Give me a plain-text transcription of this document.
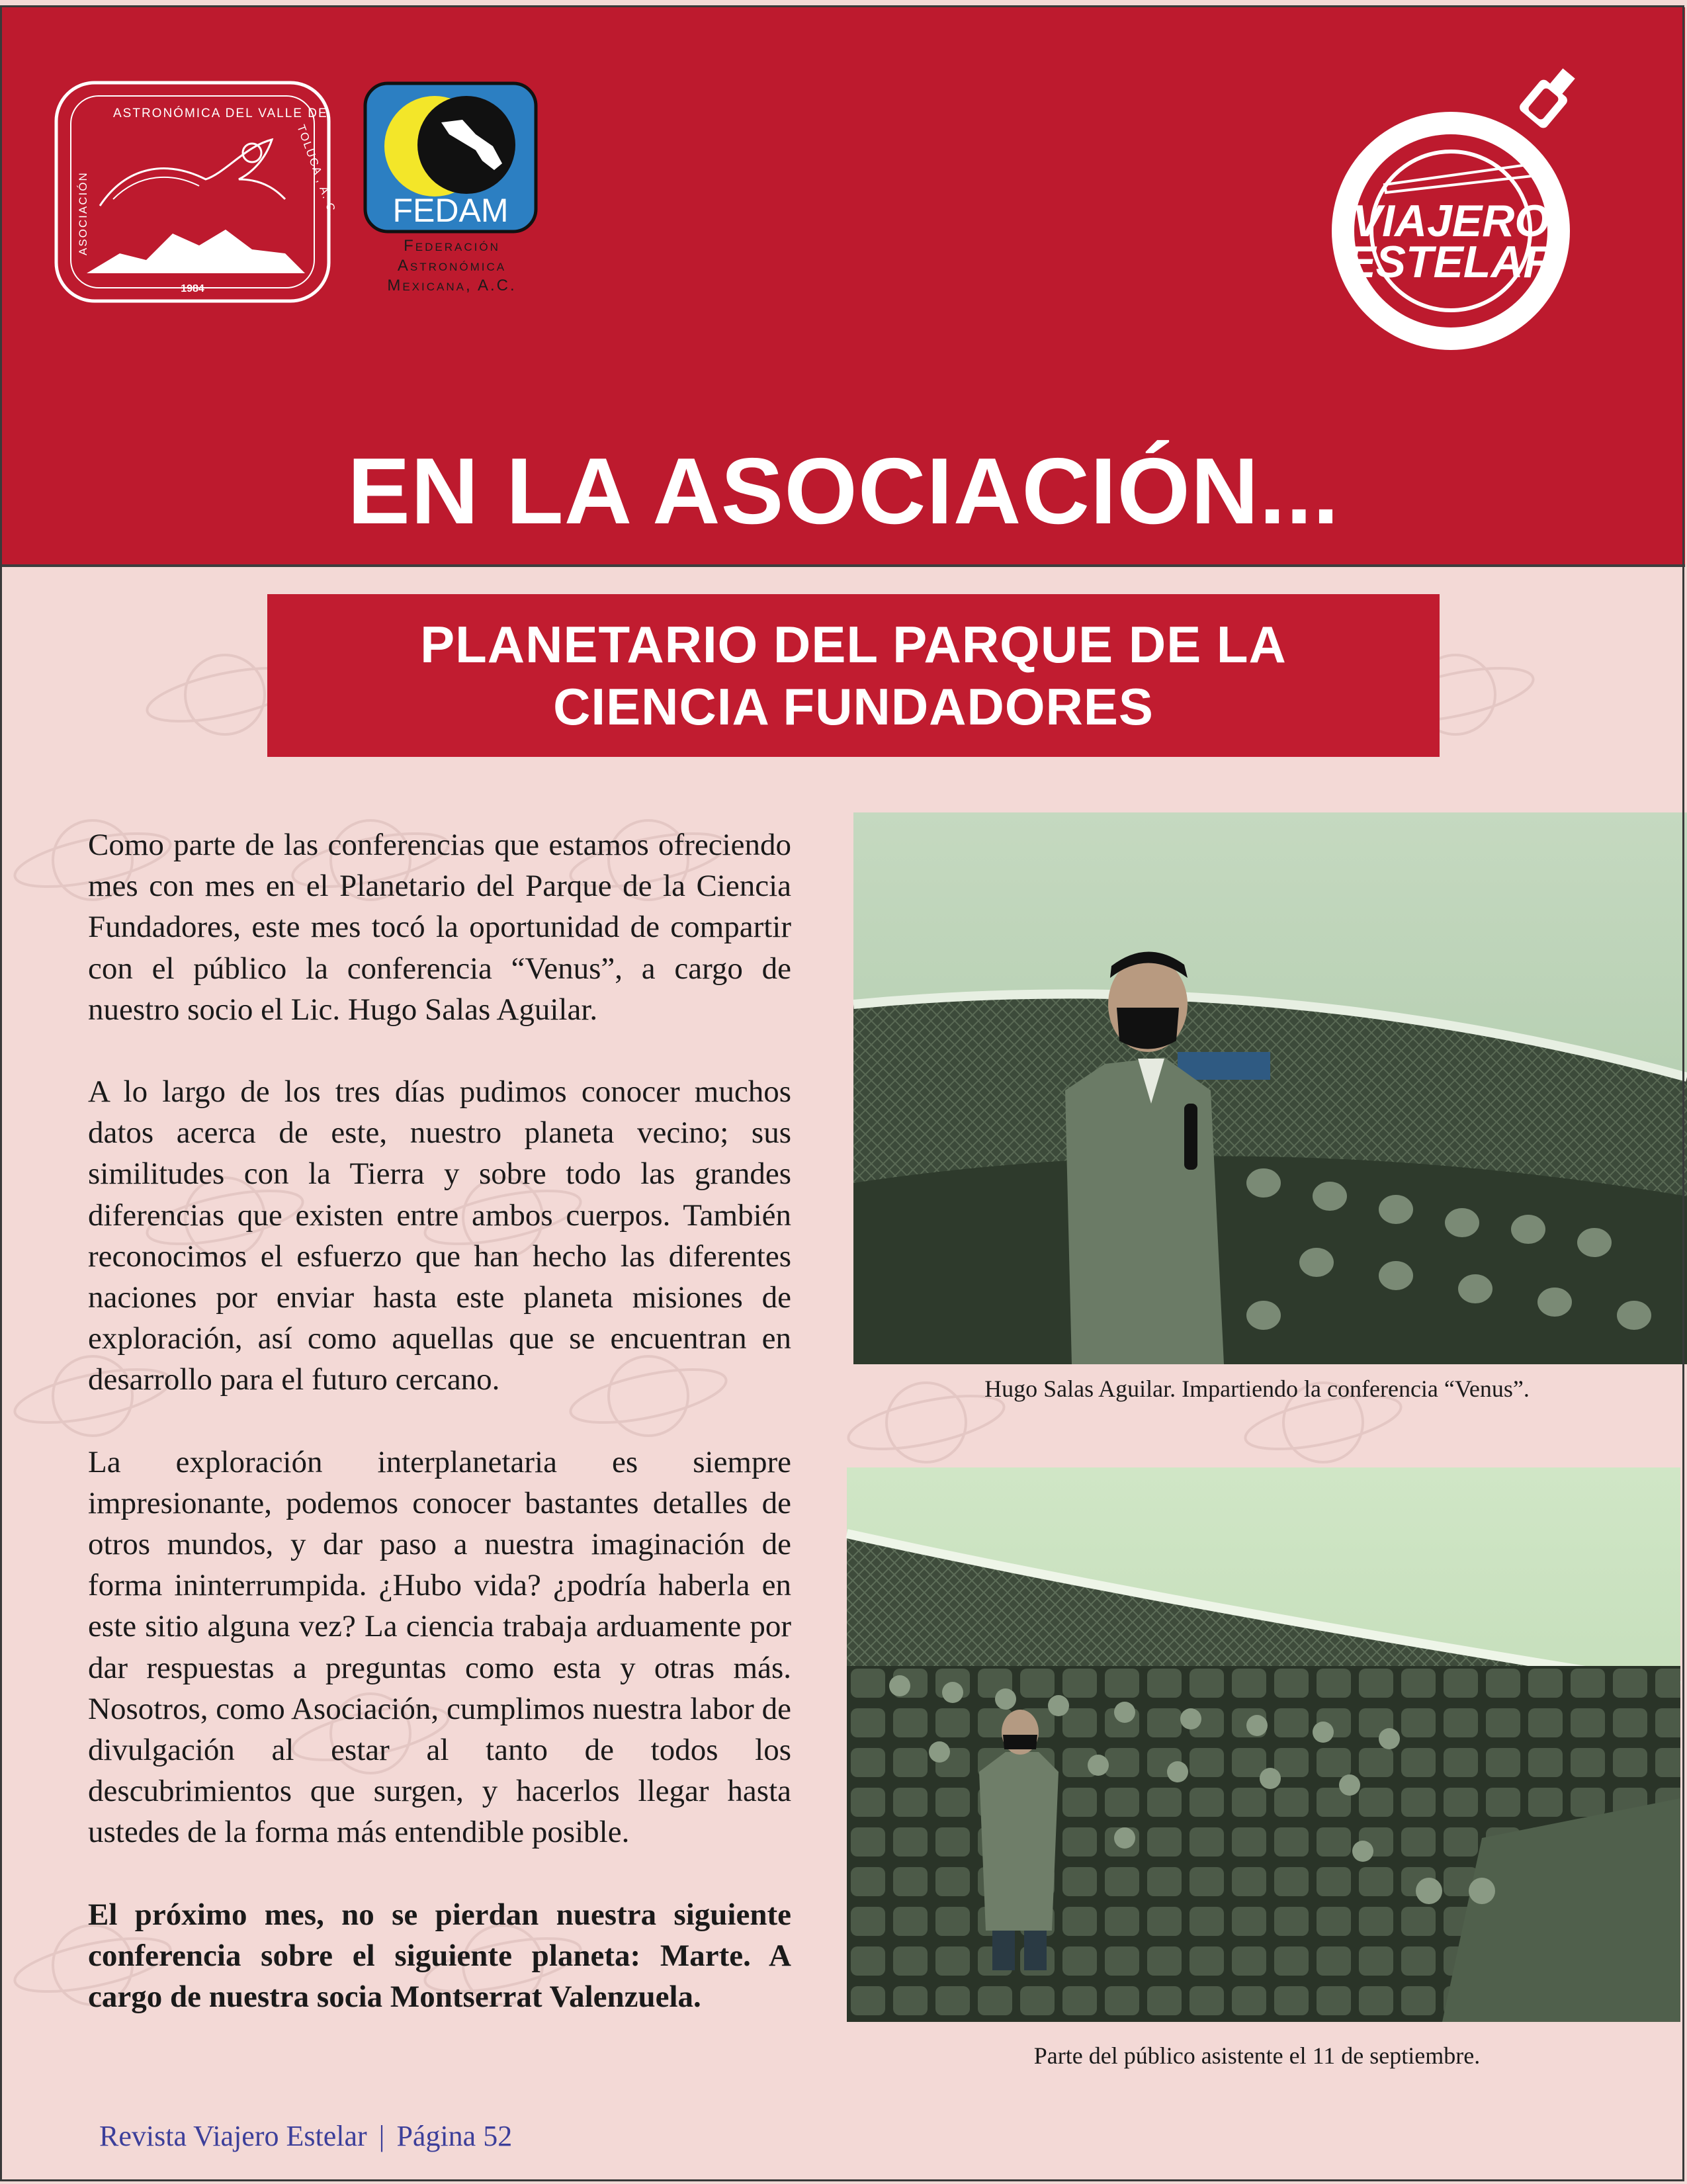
ASTRONÓMICA DEL VALLE DE
ASOCIACIÓN	TOLUCA , A. C.
FUNDADA EN
1984
FEDAM
Federación
Astronómica
Mexicana, A.C.
VIAJERO
ESTELAR
EN LA ASOCIACIÓN...
PLANETARIO DEL PARQUE DE LA
CIENCIA FUNDADORES

Como parte de las conferencias que estamos ofreciendo mes con mes en el Planetario del Parque de la Ciencia Fundadores, este mes tocó la oportunidad de compartir con el público la conferencia “Venus”, a cargo de nuestro socio el Lic. Hugo Salas Aguilar.

A lo largo de los tres días pudimos conocer muchos datos acerca de este, nuestro planeta vecino; sus similitudes con la Tierra y sobre todo las grandes diferencias que existen entre ambos cuerpos. También reconocimos el esfuerzo que han hecho las diferentes naciones por enviar hasta este planeta misiones de exploración, así como aquellas que se encuentran en desarrollo para el futuro cercano.

La exploración interplanetaria es siempre impresionante, podemos conocer bastantes detalles de otros mundos, y dar paso a nuestra imaginación de forma ininterrumpida. ¿Hubo vida? ¿podría haberla en este sitio alguna vez? La ciencia trabaja arduamente por dar respuestas a preguntas como esta y otras más. Nosotros, como Asociación, cumplimos nuestra labor de divulgación al estar al tanto de todos los descubrimientos que surgen, y hacerlos llegar hasta ustedes de la forma más entendible posible.

El próximo mes, no se pierdan nuestra siguiente conferencia sobre el siguiente planeta: Marte. A cargo de nuestra socia Montserrat Valenzuela.

Hugo Salas Aguilar. Impartiendo la conferencia “Venus”.
Parte del público asistente el 11 de septiembre.
Revista Viajero Estelar | Página 52
